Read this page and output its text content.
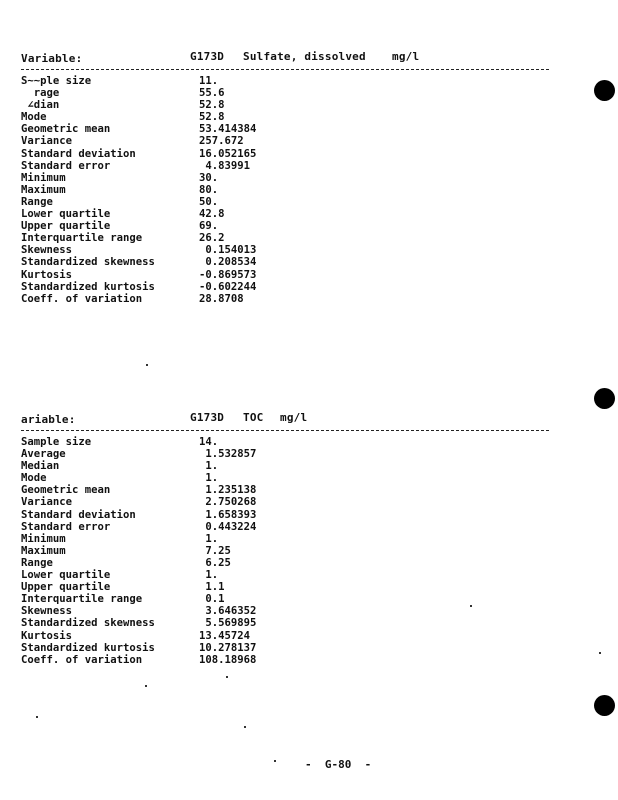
Variable:	G173D Sulfate, dissolved mg/l
S~~ple size	11.
rage	55.6
∠dian	52.8
Mode	52.8
Geometric mean	53.414384
Variance	257.672
Standard deviation	16.052165
Standard error	4.83991
Minimum	30.
Maximum	80.
Range	50.
Lower quartile	42.8
Upper quartile	69.
Interquartile range	26.2
Skewness	0.154013
Standardized skewness	0.208534
Kurtosis	-0.869573
Standardized kurtosis	-0.602244
Coeff. of variation	28.8708
ariable:	G173D TOC mg/l
Sample size	14.
Average	1.532857
Median	1.
Mode	1.
Geometric mean	1.235138
Variance	2.750268
Standard deviation	1.658393
Standard error	0.443224
Minimum	1.
Maximum	7.25
Range	6.25
Lower quartile	1.
Upper quartile	1.1
Interquartile range	0.1
Skewness	3.646352
Standardized skewness	5.569895
Kurtosis	13.45724
Standardized kurtosis	10.278137
Coeff. of variation	108.18968
-  G-80  -
